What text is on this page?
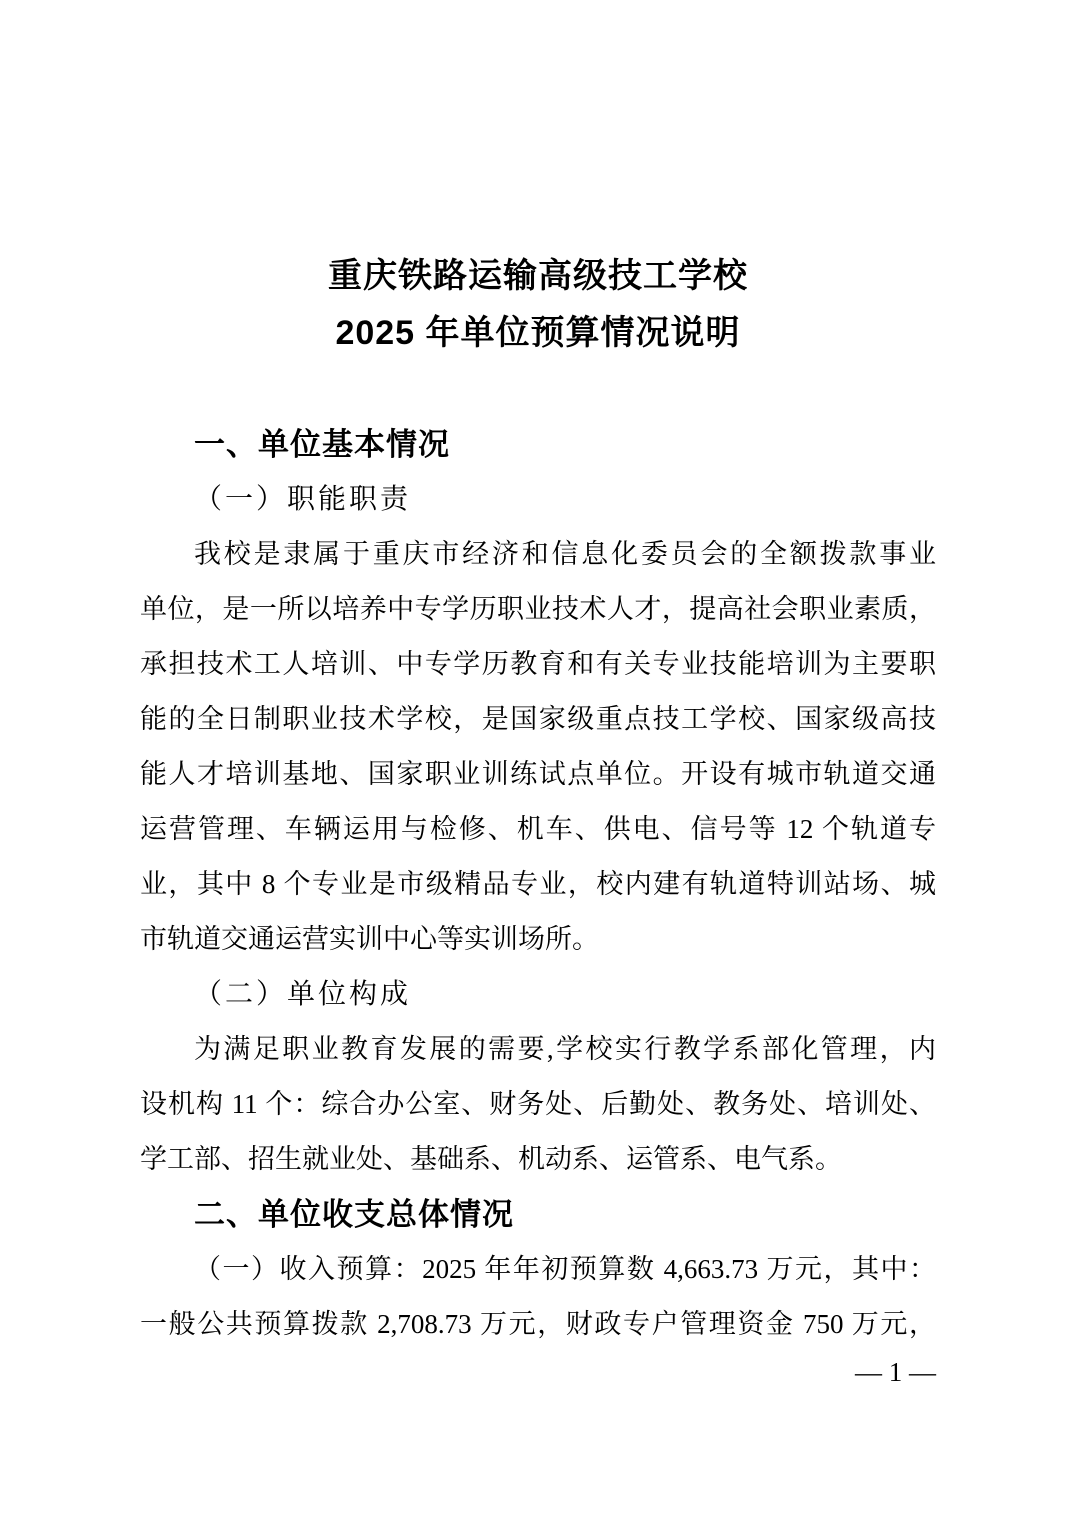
重庆铁路运输高级技工学校
2025 年单位预算情况说明
一、单位基本情况
（一）职能职责
我校是隶属于重庆市经济和信息化委员会的全额拨款事业
单位，是一所以培养中专学历职业技术人才，提高社会职业素质，
承担技术工人培训、中专学历教育和有关专业技能培训为主要职
能的全日制职业技术学校，是国家级重点技工学校、国家级高技
能人才培训基地、国家职业训练试点单位。开设有城市轨道交通
运营管理、车辆运用与检修、机车、供电、信号等 12 个轨道专
业，其中 8 个专业是市级精品专业，校内建有轨道特训站场、城
市轨道交通运营实训中心等实训场所。
（二）单位构成
为满足职业教育发展的需要,学校实行教学系部化管理，内
设机构 11 个：综合办公室、财务处、后勤处、教务处、培训处、
学工部、招生就业处、基础系、机动系、运管系、电气系。
二、单位收支总体情况
（一）收入预算：2025 年年初预算数 4,663.73 万元，其中：
一般公共预算拨款 2,708.73 万元，财政专户管理资金 750 万元，
— 1 —
